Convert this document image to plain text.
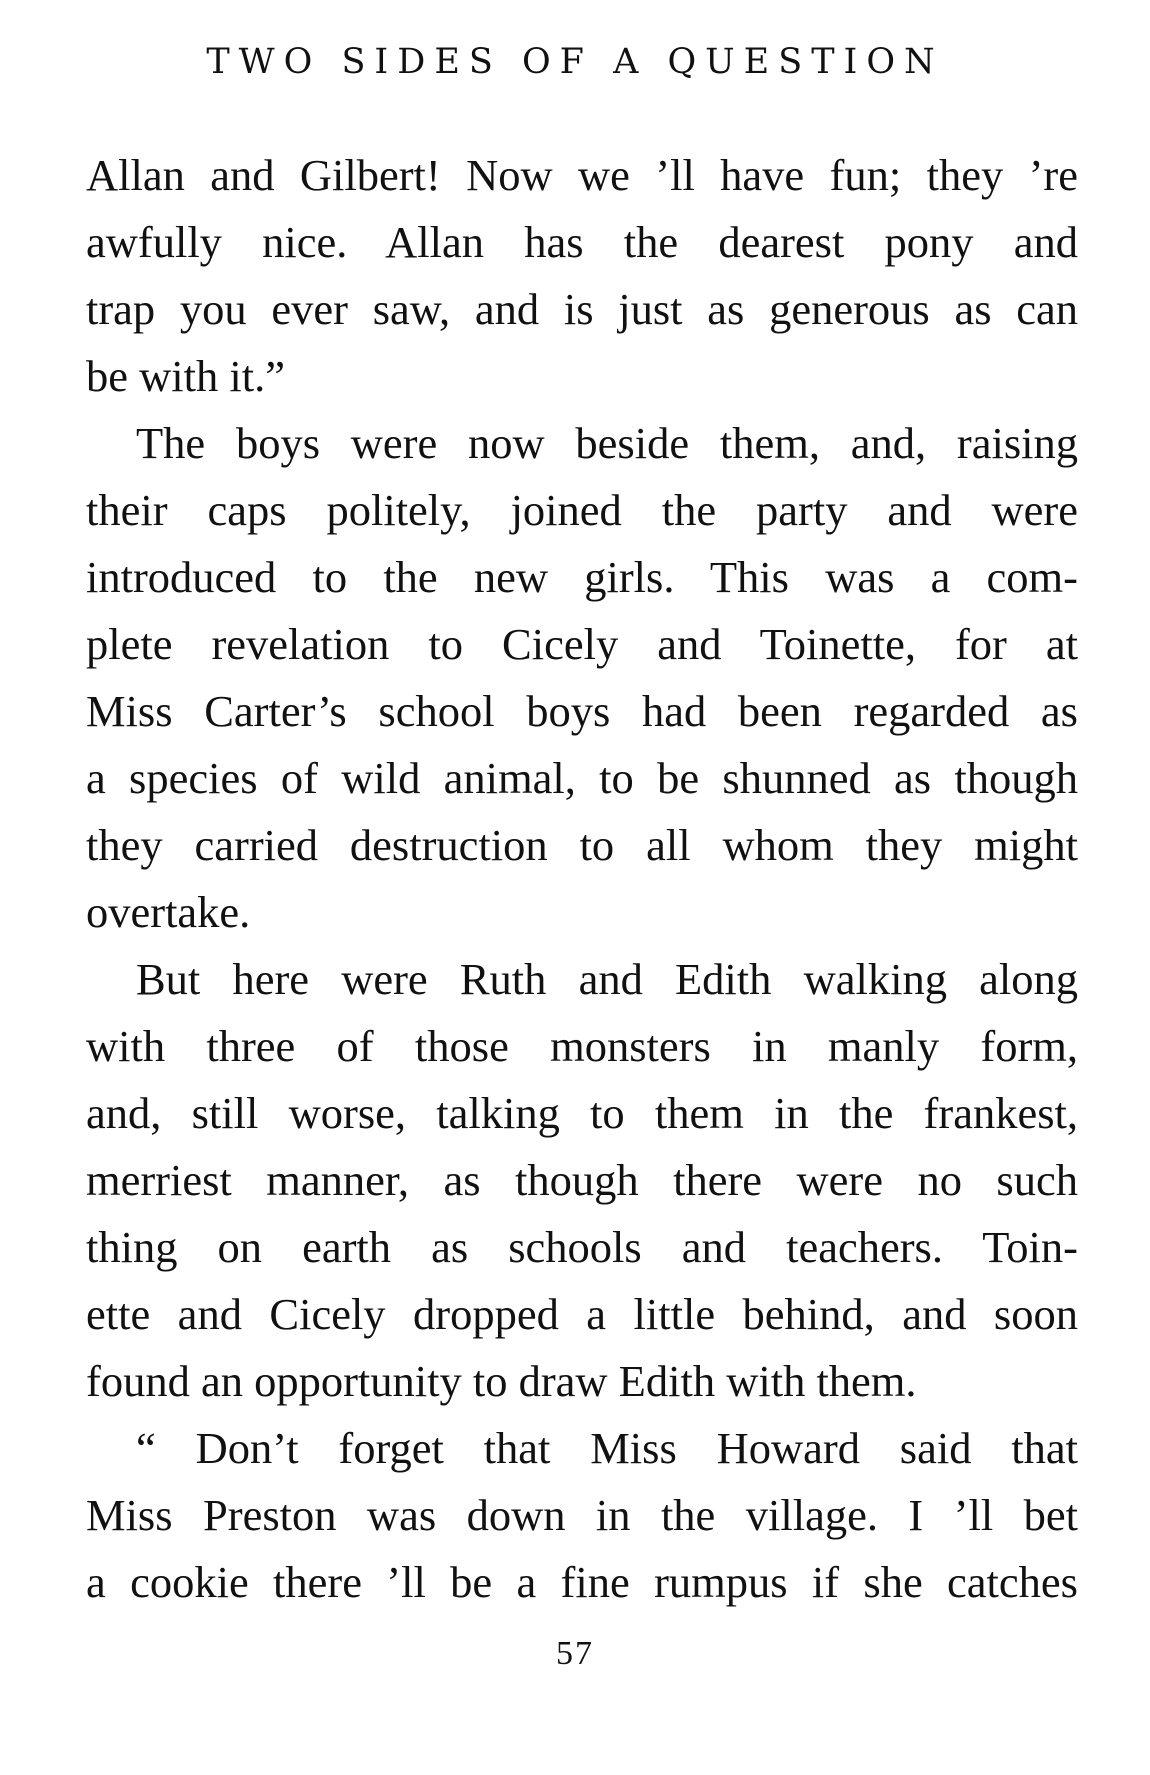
TWO SIDES OF A QUESTION
Allan and Gilbert! Now we ’ll have fun; they ’re
awfully nice. Allan has the dearest pony and
trap you ever saw, and is just as generous as can
be with it.”
The boys were now beside them, and, raising
their caps politely, joined the party and were
introduced to the new girls. This was a com-
plete revelation to Cicely and Toinette, for at
Miss Carter’s school boys had been regarded as
a species of wild animal, to be shunned as though
they carried destruction to all whom they might
overtake.
But here were Ruth and Edith walking along
with three of those monsters in manly form,
and, still worse, talking to them in the frankest,
merriest manner, as though there were no such
thing on earth as schools and teachers. Toin-
ette and Cicely dropped a little behind, and soon
found an opportunity to draw Edith with them.
“ Don’t forget that Miss Howard said that
Miss Preston was down in the village. I ’ll bet
a cookie there ’ll be a fine rumpus if she catches
57
